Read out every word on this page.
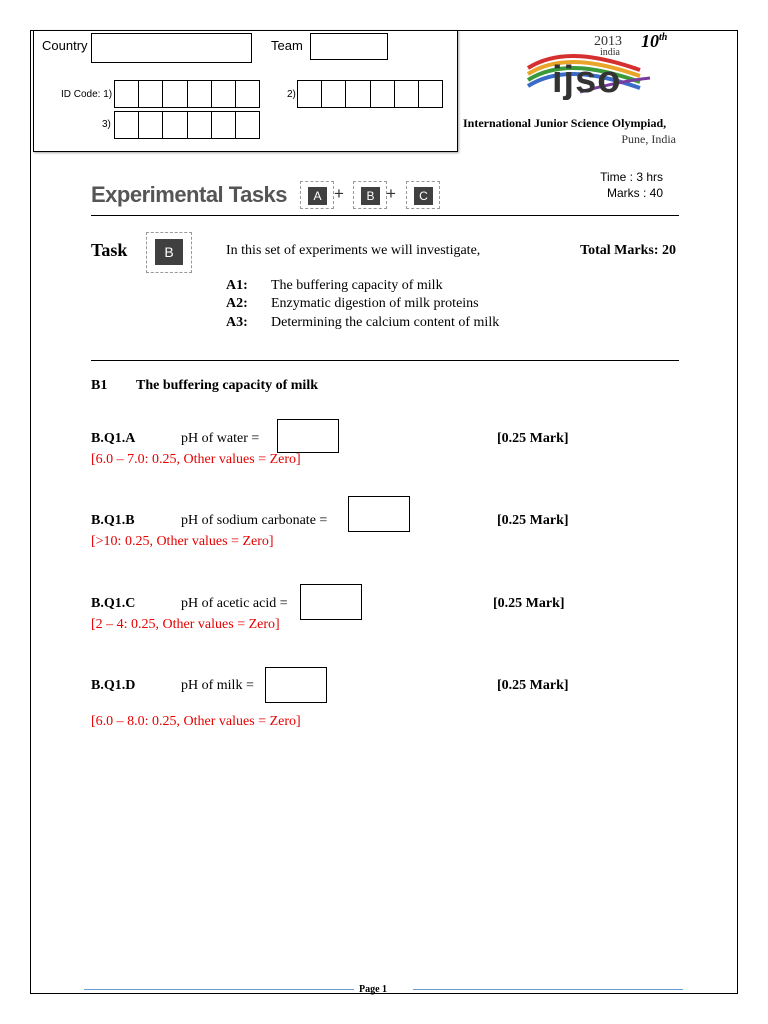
Country	Team
ID Code: 1)	2)
3)
2013
india
10th
ijso
International Junior Science Olympiad,
Pune, India
Experimental Tasks	A +	B +	C
Time : 3 hrs
Marks : 40
Task	B	In this set of experiments we will investigate,	Total Marks: 20
A1: The buffering capacity of milk
A2: Enzymatic digestion of milk proteins
A3: Determining the calcium content of milk
B1 The buffering capacity of milk
B.Q1.A	pH of water =	[0.25 Mark]
[6.0 – 7.0: 0.25, Other values = Zero]
B.Q1.B	pH of sodium carbonate =	[0.25 Mark]
[>10: 0.25, Other values = Zero]
B.Q1.C	pH of acetic acid =	[0.25 Mark]
[2 – 4: 0.25, Other values = Zero]
B.Q1.D	pH of milk =	[0.25 Mark]
[6.0 – 8.0: 0.25, Other values = Zero]
Page 1
